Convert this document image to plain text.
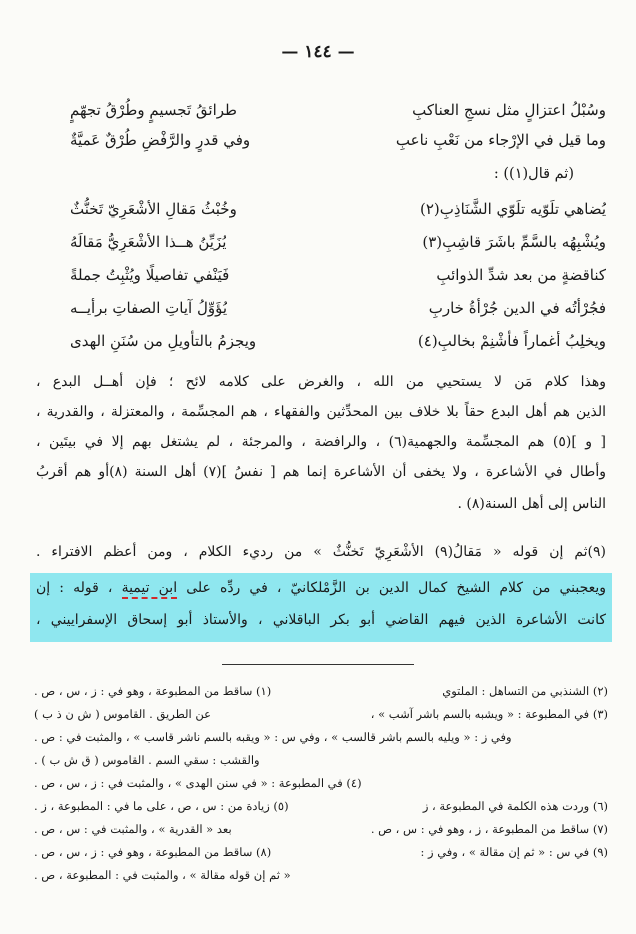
— ١٤٤ —
طرائقُ تَجسيمٍ وطُرْقُ تجهّمٍ	وسُبْلُ اعتزالٍ مثل نسجِ العناكبِ
وفي قدرٍ والرَّفْضِ طُرْقٌ عَميَّةٌ	وما قيل في الإرْجاء من نَعْبِ ناعبِ
(ثم قال(١)) :
وخُبْثُ مَقالِ الأشْعَرِيّ تَخنُّثٌ	يُضاهي تلَوّيه تلَوّي الشَّنَاذِبِ(٢)
يُزَيِّنُ هــذا الأشْعَرِيُّ مَقالَهُ	ويُشْبِهُه بالسَّمِّ باشَرَ قاشِبِ(٣)
فَيَنْفي تفاصيلًا ويُثْبِتُ جملةً	كناقضةٍ من بعد شدِّ الذوائبِ
يُؤَوِّلُ آياتِ الصفاتِ برأيــه	فجُرْأتُه في الدين جُرْأةُ خاربِ
ويجزمُ بالتأويلِ من سُنَنِ الهدى	ويخلِبُ أغماراً فأشْنِمْ بخالبِ(٤)
وهذا كلام مَن لا يستحيي من الله ، والغرض على كلامه لائح ؛ فإن أهــل البدع ،
الذين هم أهل البدع حقاً بلا خلاف بين المحدِّثين والفقهاء ، هم المجسِّمة ، والمعتزلة ، والقدرية ،
[ و ](٥) هم المجسِّمة والجهمية(٦) ، والرافضة ، والمرجئة ، لم يشتغل بهم إلا في بيتَين ،
وأطال في الأشاعرة ، ولا يخفى أن الأشاعرة إنما هم [ نفسُ ](٧) أهل السنة (٨)أو هم أقربُ
الناس إلى أهل السنة(٨) .
(٩)ثم إن قوله « مَقالُ(٩) الأشْعَرِيّ تَخنُّثٌ » من رديء الكلام ، ومن أعظم الافتراء .
ويعجبني من كلام الشيخ كمال الدين بن الزَّمْلكانيّ ، في ردِّه على ابن تيمية ، قوله : إن
كانت الأشاعرة الذين فيهم القاضي أبو بكر الباقلاني ، والأستاذ أبو إسحاق الإسفراييني ،
(١) ساقط من المطبوعة ، وهو في : ز ، س ، ص .	(٢) الشنذبي من التساهل : الملتوي
عن الطريق . القاموس ( ش ن ذ ب )	(٣) في المطبوعة : « ويشبه بالسم باشر آشب » ،
وفي ز : « ويليه بالسم باشر قالسب » ، وفي س : « ويقبه بالسم ناشر قاسب » ، والمثبت في : ص .
والقشب : سقي السم . القاموس ( ق ش ب ) .
(٤) في المطبوعة : « في سنن الهدى » ، والمثبت في : ز ، س ، ص .
(٥) زيادة من : س ، ص ، على ما في : المطبوعة ، ز .	(٦) وردت هذه الكلمة في المطبوعة ، ز
بعد « القدرية » ، والمثبت في : س ، ص .	(٧) ساقط من المطبوعة ، ز ، وهو في : س ، ص .
(٨) ساقط من المطبوعة ، وهو في : ز ، س ، ص .	(٩) في س : « ثم إن مقالة » ، وفي ز :
« ثم إن قوله مقالة » ، والمثبت في : المطبوعة ، ص .
